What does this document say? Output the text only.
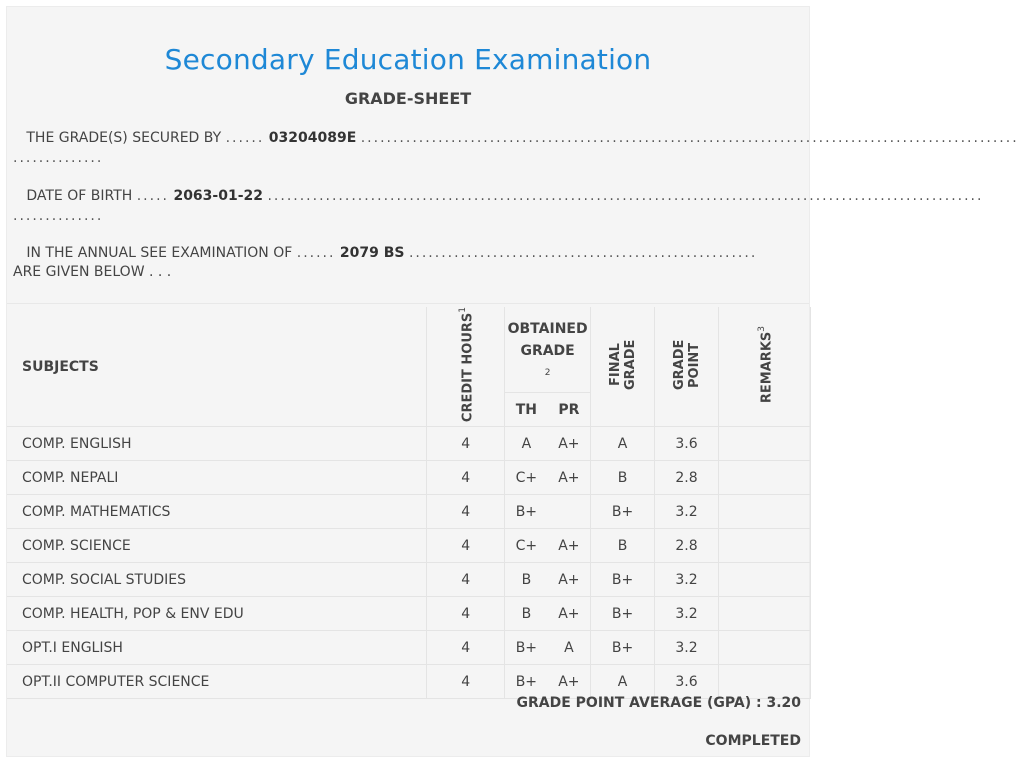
Secondary Education Examination
GRADE-SHEET
THE GRADE(S) SECURED BY ...... 03204089E ......................................................................................................
..............
DATE OF BIRTH ..... 2063-01-22 ...............................................................................................................
..............
IN THE ANNUAL SEE EXAMINATION OF ...... 2079 BS ......................................................
ARE GIVEN BELOW . . .
SUBJECTS	CREDIT HOURS$^1$	OBTAINED GRADE$^2$		FINAL GRADE	GRADE POINT	REMARKS$^3$
		TH	PR			
COMP. ENGLISH	4	A	A+	A	3.6	
COMP. NEPALI	4	C+	A+	B	2.8	
COMP. MATHEMATICS	4	B+		B+	3.2	
COMP. SCIENCE	4	C+	A+	B	2.8	
COMP. SOCIAL STUDIES	4	B	A+	B+	3.2	
COMP. HEALTH, POP & ENV EDU	4	B	A+	B+	3.2	
OPT.I ENGLISH	4	B+	A	B+	3.2	
OPT.II COMPUTER SCIENCE	4	B+	A+	A	3.6	
GRADE POINT AVERAGE (GPA) : 3.20
COMPLETED
